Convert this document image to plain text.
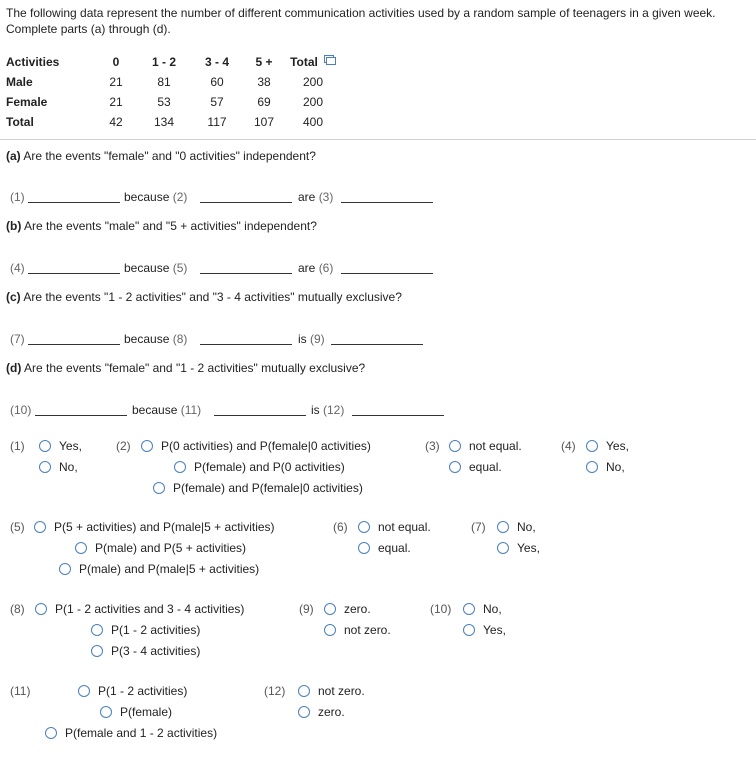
The following data represent the number of different communication activities used by a random sample of teenagers in a given week. Complete parts (a) through (d).
Activities	0	1 - 2	3 - 4	5 +	Total
Male	21	81	60	38	200
Female	21	53	57	69	200
Total	42	134	117	107	400
(a) Are the events "female" and "0 activities" independent?
(1)	because (2)	are (3)
(b) Are the events "male" and "5 + activities" independent?
(4)	because (5)	are (6)
(c) Are the events "1 - 2 activities" and "3 - 4 activities" mutually exclusive?
(7)	because (8)	is (9)
(d) Are the events "female" and "1 - 2 activities" mutually exclusive?
(10)	because (11)	is (12)
(1)	Yes,
No,
(2)	P(0 activities) and P(female|0 activities)
P(female) and P(0 activities)
P(female) and P(female|0 activities)
(3) not equal.
equal.
(4)	Yes,
No,
(5) P(5 + activities) and P(male|5 + activities)
P(male) and P(5 + activities)
P(male) and P(male|5 + activities)
(6)	not equal.
equal.
(7)	No,
Yes,
(8)	P(1 - 2 activities and 3 - 4 activities)
P(1 - 2 activities)
P(3 - 4 activities)
(9)	zero.
not zero.
(10)	No,
Yes,
(11)	P(1 - 2 activities)
P(female)
P(female and 1 - 2 activities)
(12)	not zero.
zero.
